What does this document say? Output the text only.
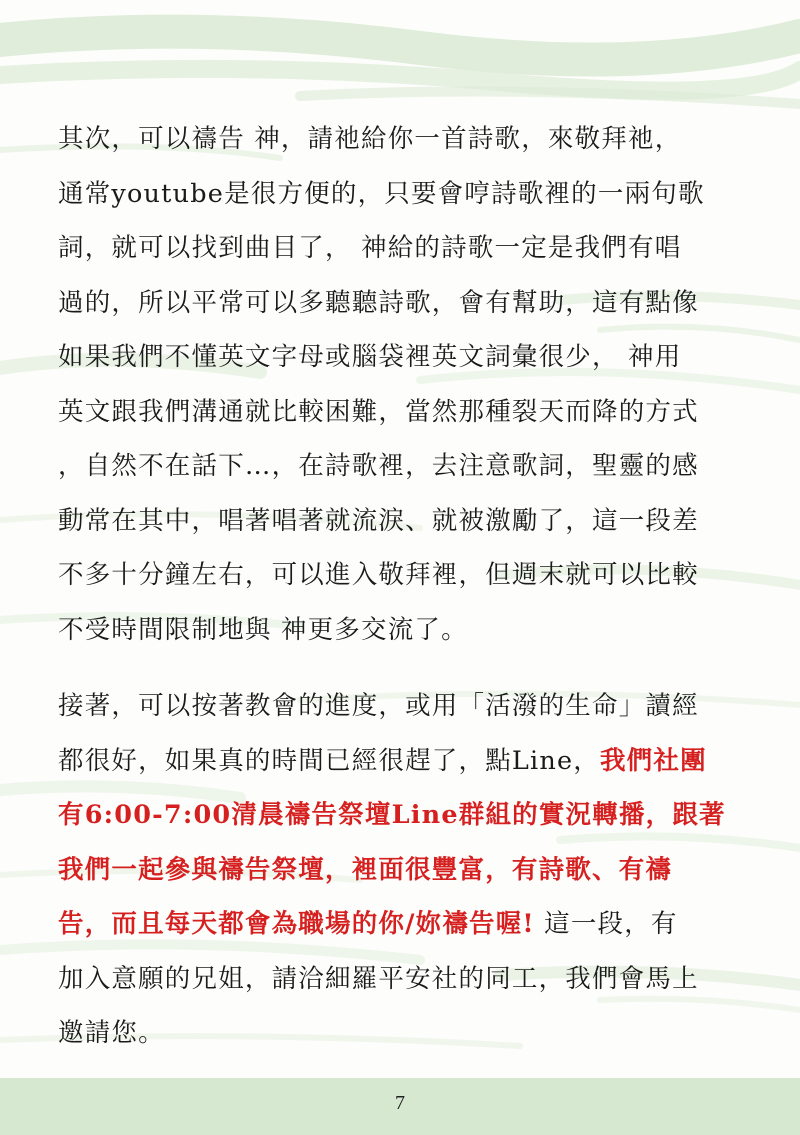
其次，可以禱告 神，請祂給你一首詩歌，來敬拜祂，
通常youtube是很方便的，只要會哼詩歌裡的一兩句歌
詞，就可以找到曲目了， 神給的詩歌一定是我們有唱
過的，所以平常可以多聽聽詩歌，會有幫助，這有點像
如果我們不懂英文字母或腦袋裡英文詞彙很少， 神用
英文跟我們溝通就比較困難，當然那種裂天而降的方式
，自然不在話下…，在詩歌裡，去注意歌詞，聖靈的感
動常在其中，唱著唱著就流淚、就被激勵了，這一段差
不多十分鐘左右，可以進入敬拜裡，但週末就可以比較
不受時間限制地與 神更多交流了。
接著，可以按著教會的進度，或用「活潑的生命」讀經
都很好，如果真的時間已經很趕了，點Line，我們社團
有6:00-7:00清晨禱告祭壇Line群組的實況轉播，跟著
我們一起參與禱告祭壇，裡面很豐富，有詩歌、有禱
告，而且每天都會為職場的你/妳禱告喔! 這一段，有
加入意願的兄姐，請洽細羅平安社的同工，我們會馬上
邀請您。
7
